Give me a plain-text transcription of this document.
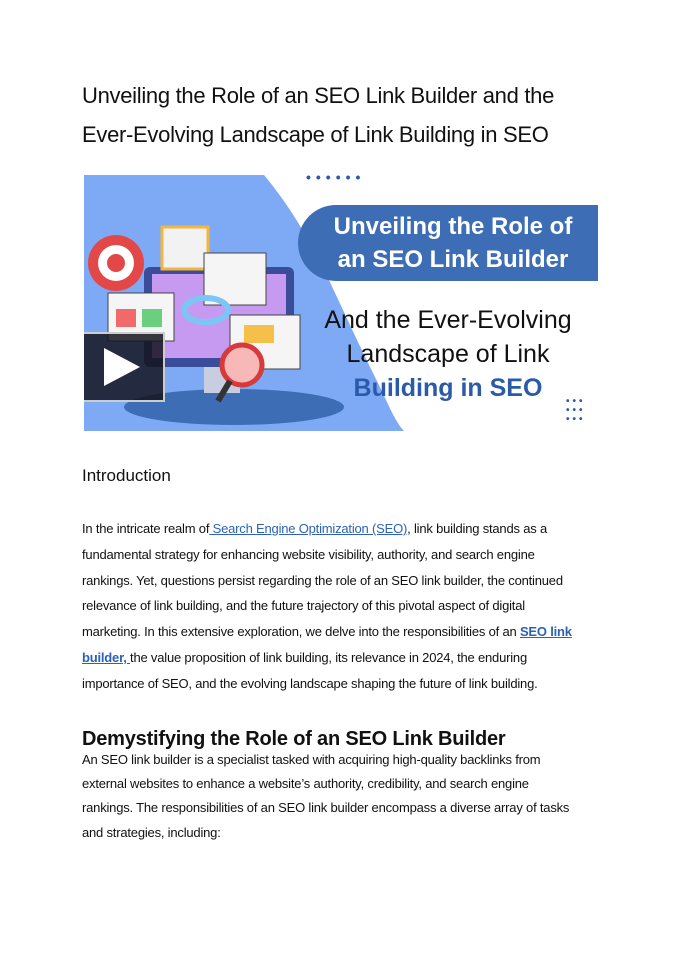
Unveiling the Role of an SEO Link Builder and the
Ever-Evolving Landscape of Link Building in SEO
••••••
Unveiling the Role of
an SEO Link Builder
And the Ever-Evolving
Landscape of Link
Building in SEO	•••
•••
•••
Introduction
In the intricate realm of Search Engine Optimization (SEO), link building stands as a
fundamental strategy for enhancing website visibility, authority, and search engine
rankings. Yet, questions persist regarding the role of an SEO link builder, the continued
relevance of link building, and the future trajectory of this pivotal aspect of digital
marketing. In this extensive exploration, we delve into the responsibilities of an SEO link
builder, the value proposition of link building, its relevance in 2024, the enduring
importance of SEO, and the evolving landscape shaping the future of link building.
Demystifying the Role of an SEO Link Builder
An SEO link builder is a specialist tasked with acquiring high-quality backlinks from
external websites to enhance a website’s authority, credibility, and search engine
rankings. The responsibilities of an SEO link builder encompass a diverse array of tasks
and strategies, including:
